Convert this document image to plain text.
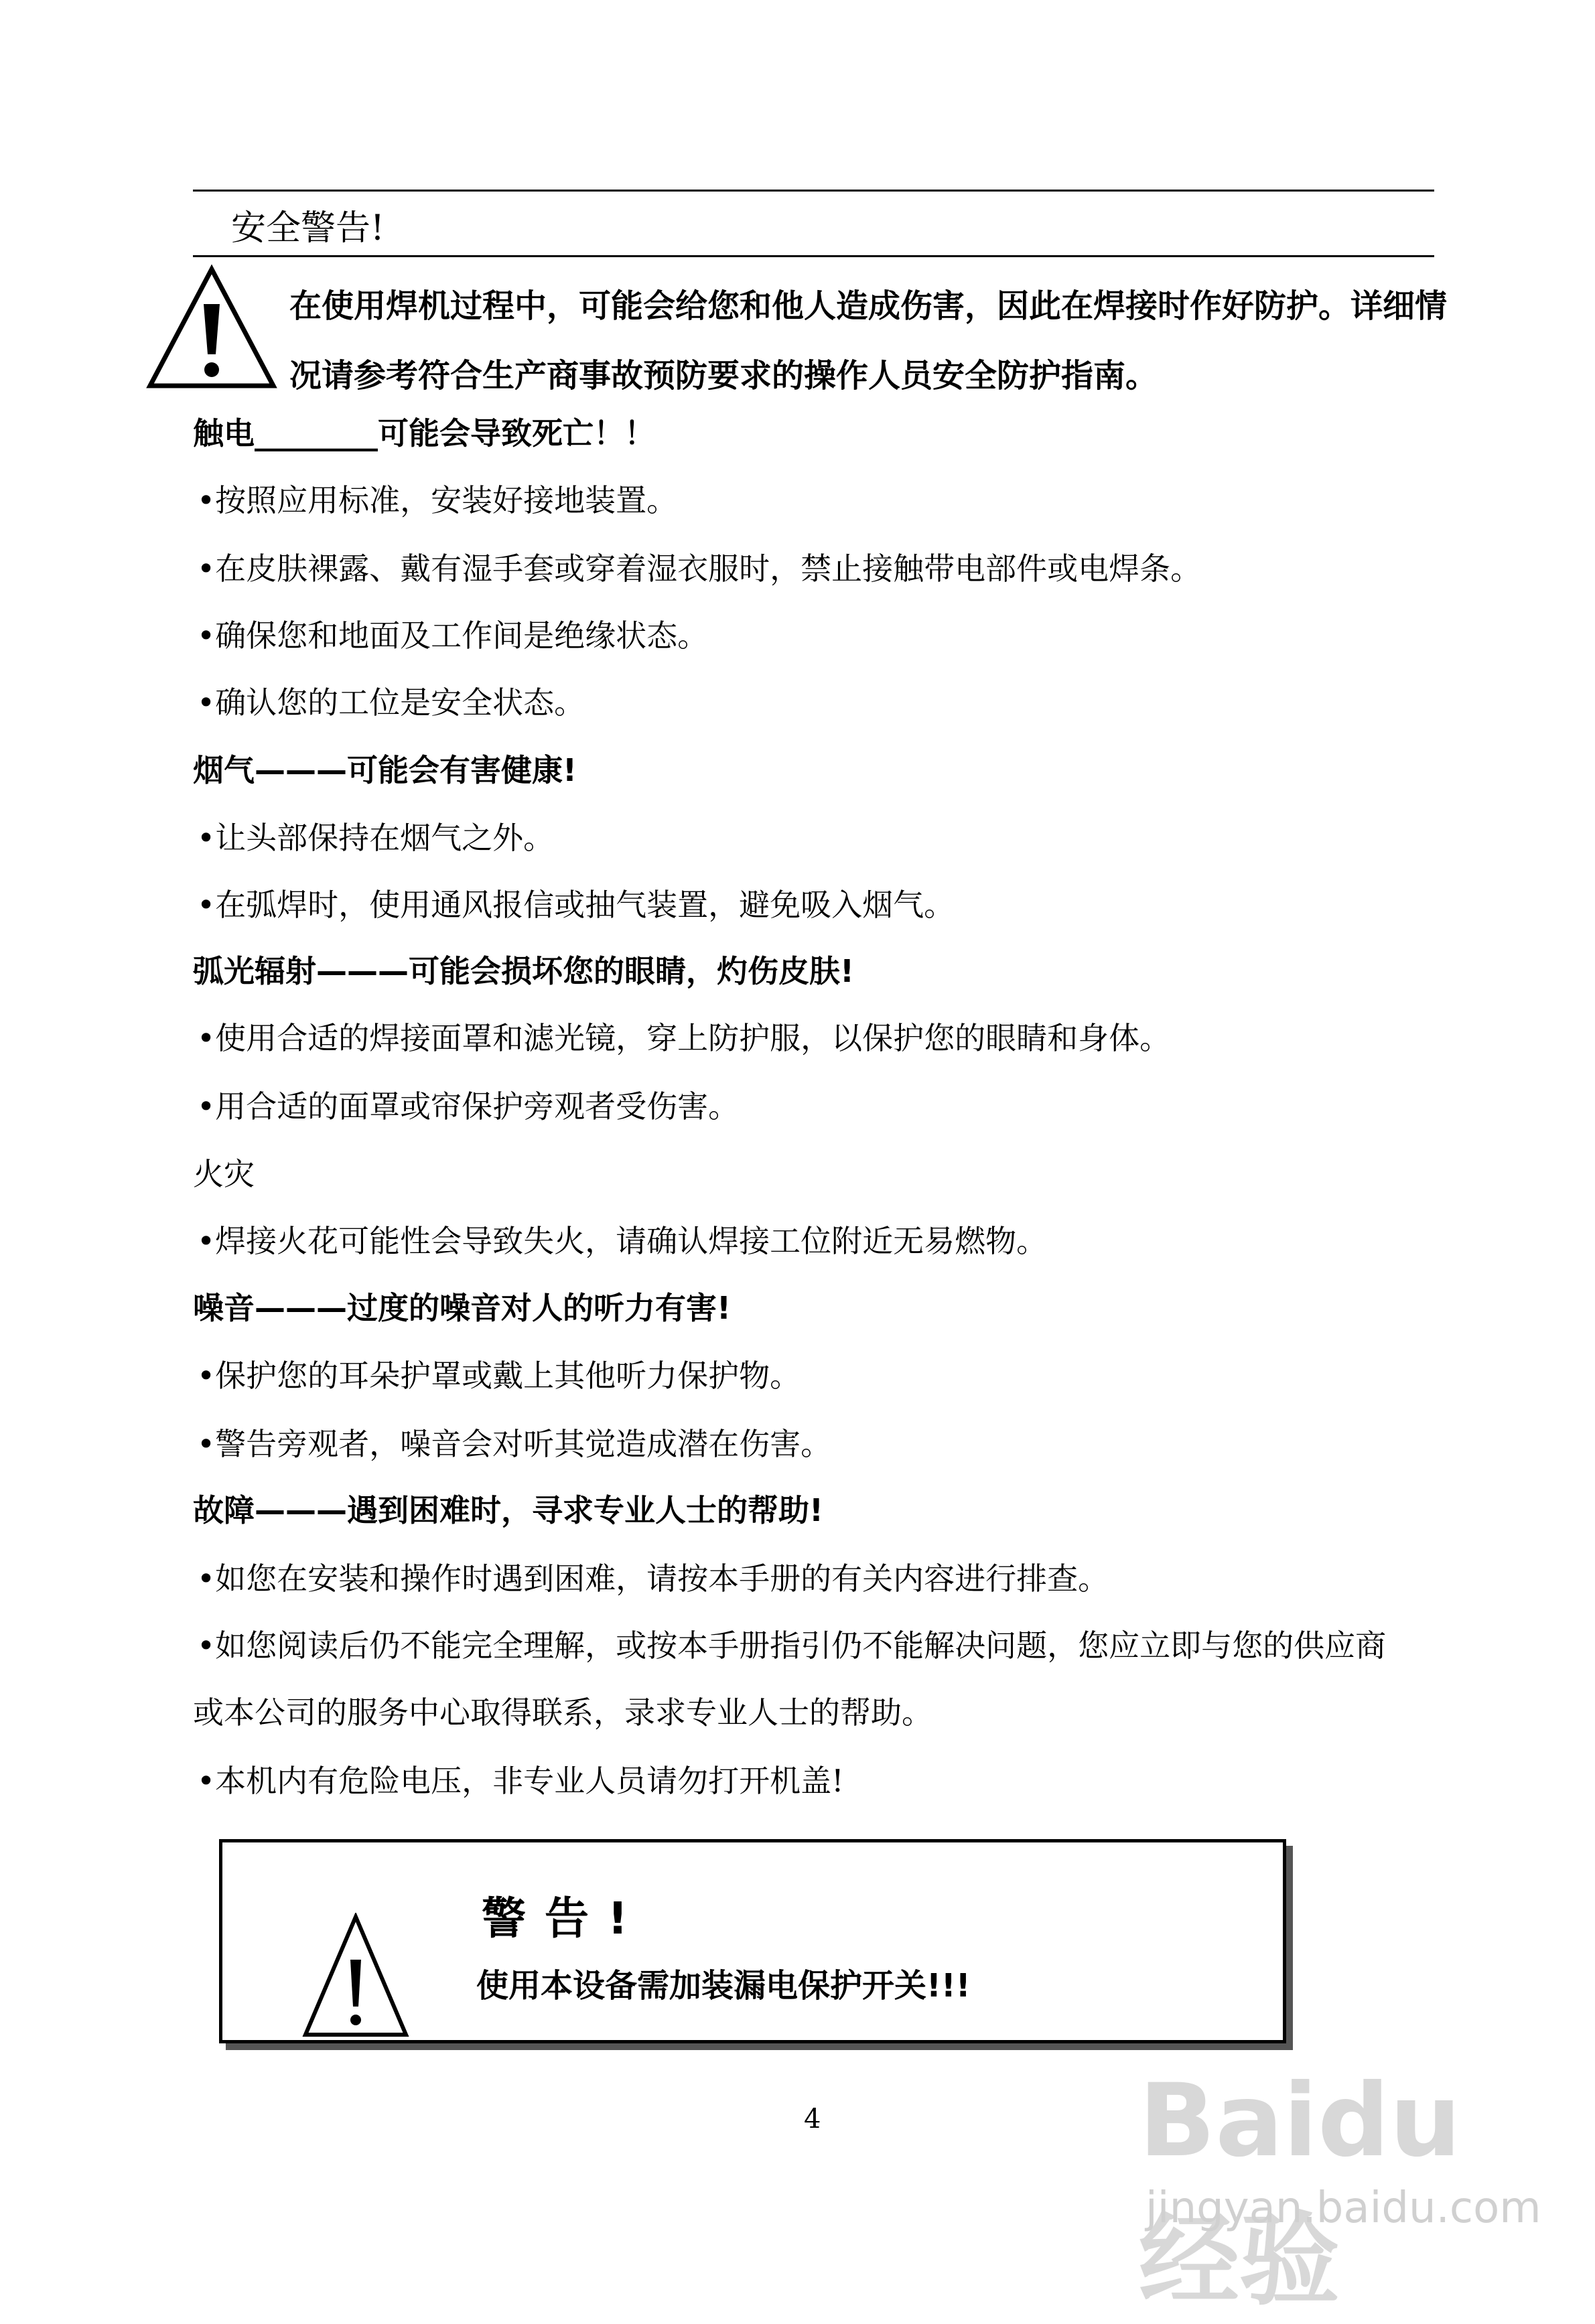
安全警告!
在使用焊机过程中，可能会给您和他人造成伤害，因此在焊接时作好防护。详细情况请参考符合生产商事故预防要求的操作人员安全防护指南。
触电________可能会导致死亡！！
•按照应用标准，安装好接地装置。
•在皮肤裸露、戴有湿手套或穿着湿衣服时，禁止接触带电部件或电焊条。
•确保您和地面及工作间是绝缘状态。
•确认您的工位是安全状态。
烟气———可能会有害健康!
•让头部保持在烟气之外。
•在弧焊时，使用通风报信或抽气装置，避免吸入烟气。
弧光辐射———可能会损坏您的眼睛，灼伤皮肤!
•使用合适的焊接面罩和滤光镜，穿上防护服，以保护您的眼睛和身体。
•用合适的面罩或帘保护旁观者受伤害。
火灾
•焊接火花可能性会导致失火，请确认焊接工位附近无易燃物。
噪音———过度的噪音对人的听力有害!
•保护您的耳朵护罩或戴上其他听力保护物。
•警告旁观者，噪音会对听其觉造成潜在伤害。
故障———遇到困难时，寻求专业人士的帮助!
•如您在安装和操作时遇到困难，请按本手册的有关内容进行排查。
•如您阅读后仍不能完全理解，或按本手册指引仍不能解决问题，您应立即与您的供应商
或本公司的服务中心取得联系，录求专业人士的帮助。
•本机内有危险电压，非专业人员请勿打开机盖!
警告!
使用本设备需加装漏电保护开关!!!
4	Baidu经验
jingyan.baidu.com
